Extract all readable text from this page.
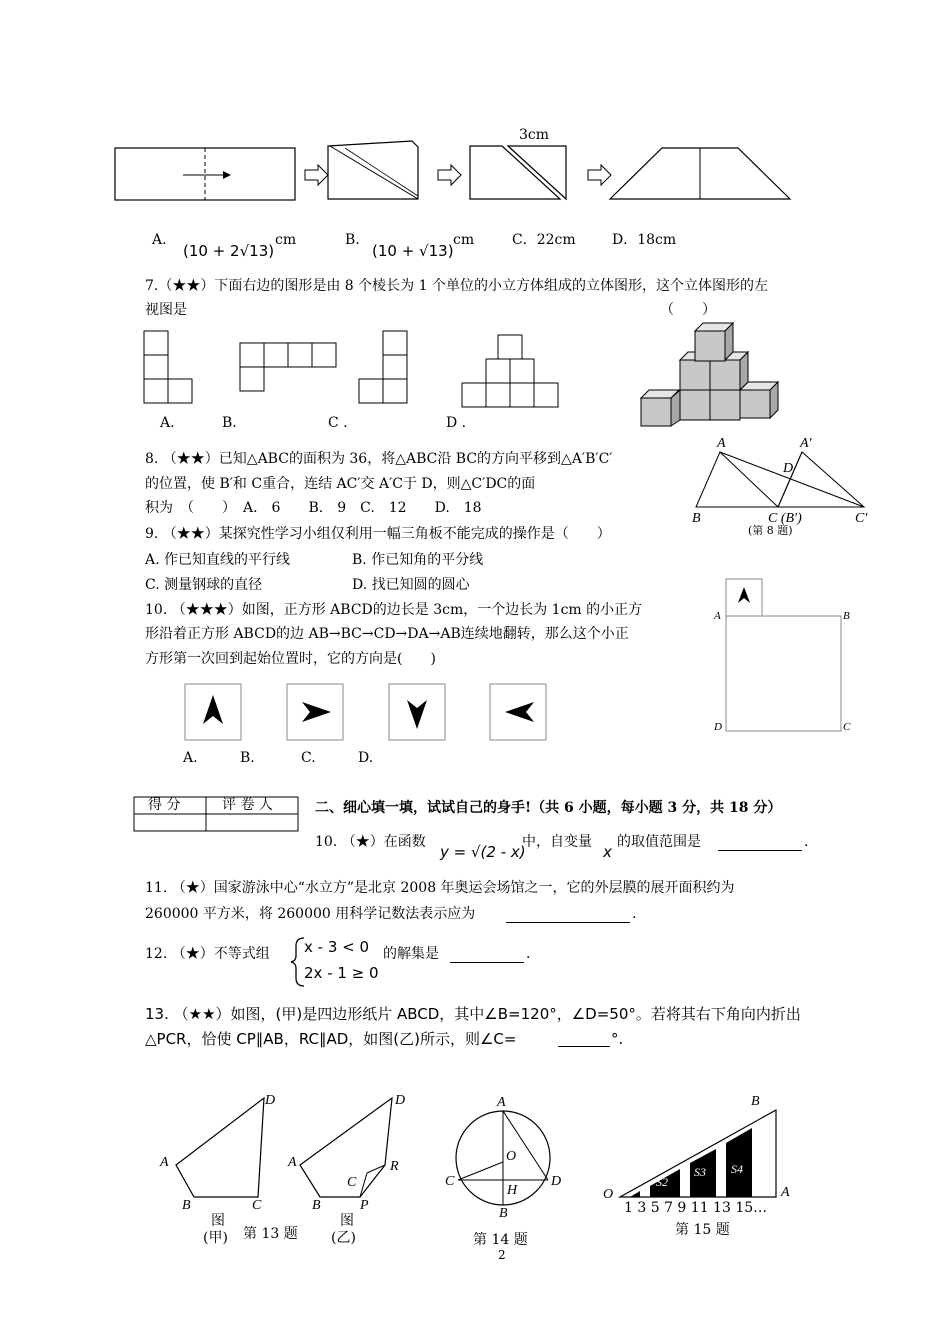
3cm
A.
(10 + 2√13)
cm	B.
(10 + √13)
cm	C．22cm	D．18cm
7.（★★）下面右边的图形是由 8 个棱长为 1 个单位的小立方体组成的立体图形，这个立体图形的左
视图是	（　　）
A.	B.	C .	D .
8. （★★）已知△ABC的面积为 36，将△ABC沿 BC的方向平移到△A′B′C′
的位置，使 B′和 C重合，连结 AC′交 A′C于 D，则△C′DC的面
积为　（　　）　A.　6　　B.　9　C.　12　　D.　18
A	A′
D
B	C (B′)	C′
(第 8 题)
9. （★★）某探究性学习小组仅利用一幅三角板不能完成的操作是（　　）
A. 作已知直线的平行线	B. 作已知角的平分线
C. 测量钢球的直径	D. 找已知圆的圆心
10. （★★★）如图，正方形 ABCD的边长是 3cm，一个边长为 1cm 的小正方
形沿着正方形 ABCD的边 AB→BC→CD→DA→AB连续地翻转，那么这个小正
方形第一次回到起始位置时，它的方向是(　　)
A	B
D	C
A.	B.	C.	D.
得 分	评 卷 人	二、细心填一填，试试自己的身手!（共 6 小题，每小题 3 分，共 18 分）
10. （★）在函数
y = √(2 - x)
中，自变量
x
的取值范围是	.
11. （★）国家游泳中心“水立方”是北京 2008 年奥运会场馆之一，它的外层膜的展开面积约为
260000 平方米，将 260000 用科学记数法表示应为	.
12. （★）不等式组 x - 3 < 0
2x - 1 ≥ 0
的解集是	.
13. （★★）如图，(甲)是四边形纸片 ABCD，其中∠B=120°，∠D=50°。若将其右下角向内折出
△PCR，恰使 CP∥AB，RC∥AD，如图(乙)所示，则∠C=	°.
A
D
B	C
A
D
R
C
B	P
图
(甲) 第 13 题
图
(乙)
A
O
C	D
H
B
第 14 题
O	A
B
S1 S2
S3 S4
1 3 5 7 9 11 13 15…
第 15 题
2
